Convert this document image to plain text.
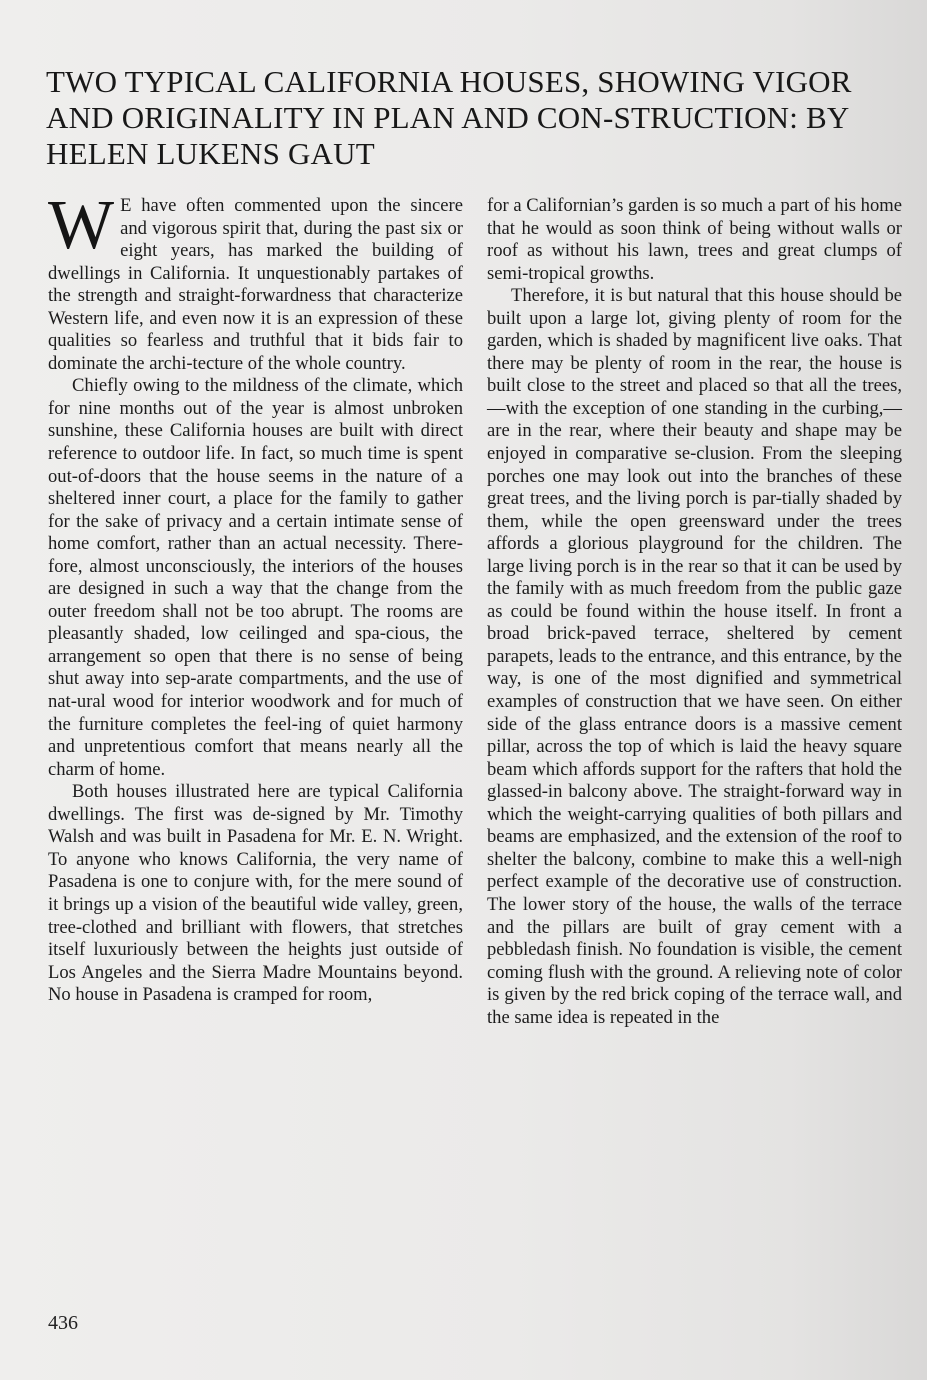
TWO TYPICAL CALIFORNIA HOUSES, SHOWING VIGOR AND ORIGINALITY IN PLAN AND CON-STRUCTION: BY HELEN LUKENS GAUT

W E have often commented upon the sincere and vigorous spirit that, during the past six or eight years, has marked the building of dwellings in California. It unquestionably partakes of the strength and straight-forwardness that characterize Western life, and even now it is an expression of these qualities so fearless and truthful that it bids fair to dominate the archi-tecture of the whole country.

Chiefly owing to the mildness of the climate, which for nine months out of the year is almost unbroken sunshine, these California houses are built with direct reference to outdoor life. In fact, so much time is spent out-of-doors that the house seems in the nature of a sheltered inner court, a place for the family to gather for the sake of privacy and a certain intimate sense of home comfort, rather than an actual necessity. There-fore, almost unconsciously, the interiors of the houses are designed in such a way that the change from the outer freedom shall not be too abrupt. The rooms are pleasantly shaded, low ceilinged and spa-cious, the arrangement so open that there is no sense of being shut away into sep-arate compartments, and the use of nat-ural wood for interior woodwork and for much of the furniture completes the feel-ing of quiet harmony and unpretentious comfort that means nearly all the charm of home.

Both houses illustrated here are typical California dwellings. The first was de-signed by Mr. Timothy Walsh and was built in Pasadena for Mr. E. N. Wright. To anyone who knows California, the very name of Pasadena is one to conjure with, for the mere sound of it brings up a vision of the beautiful wide valley, green, tree-clothed and brilliant with flowers, that stretches itself luxuriously between the heights just outside of Los Angeles and the Sierra Madre Mountains beyond. No house in Pasadena is cramped for room,

for a Californian’s garden is so much a part of his home that he would as soon think of being without walls or roof as without his lawn, trees and great clumps of semi-tropical growths.

Therefore, it is but natural that this house should be built upon a large lot, giving plenty of room for the garden, which is shaded by magnificent live oaks. That there may be plenty of room in the rear, the house is built close to the street and placed so that all the trees,—with the exception of one standing in the curbing,— are in the rear, where their beauty and shape may be enjoyed in comparative se-clusion. From the sleeping porches one may look out into the branches of these great trees, and the living porch is par-tially shaded by them, while the open greensward under the trees affords a glorious playground for the children. The large living porch is in the rear so that it can be used by the family with as much freedom from the public gaze as could be found within the house itself. In front a broad brick-paved terrace, sheltered by cement parapets, leads to the entrance, and this entrance, by the way, is one of the most dignified and symmetrical examples of construction that we have seen. On either side of the glass entrance doors is a massive cement pillar, across the top of which is laid the heavy square beam which affords support for the rafters that hold the glassed-in balcony above. The straight-forward way in which the weight-carrying qualities of both pillars and beams are emphasized, and the extension of the roof to shelter the balcony, combine to make this a well-nigh perfect example of the decorative use of construction. The lower story of the house, the walls of the terrace and the pillars are built of gray cement with a pebbledash finish. No foundation is visible, the cement coming flush with the ground. A relieving note of color is given by the red brick coping of the terrace wall, and the same idea is repeated in the

436
